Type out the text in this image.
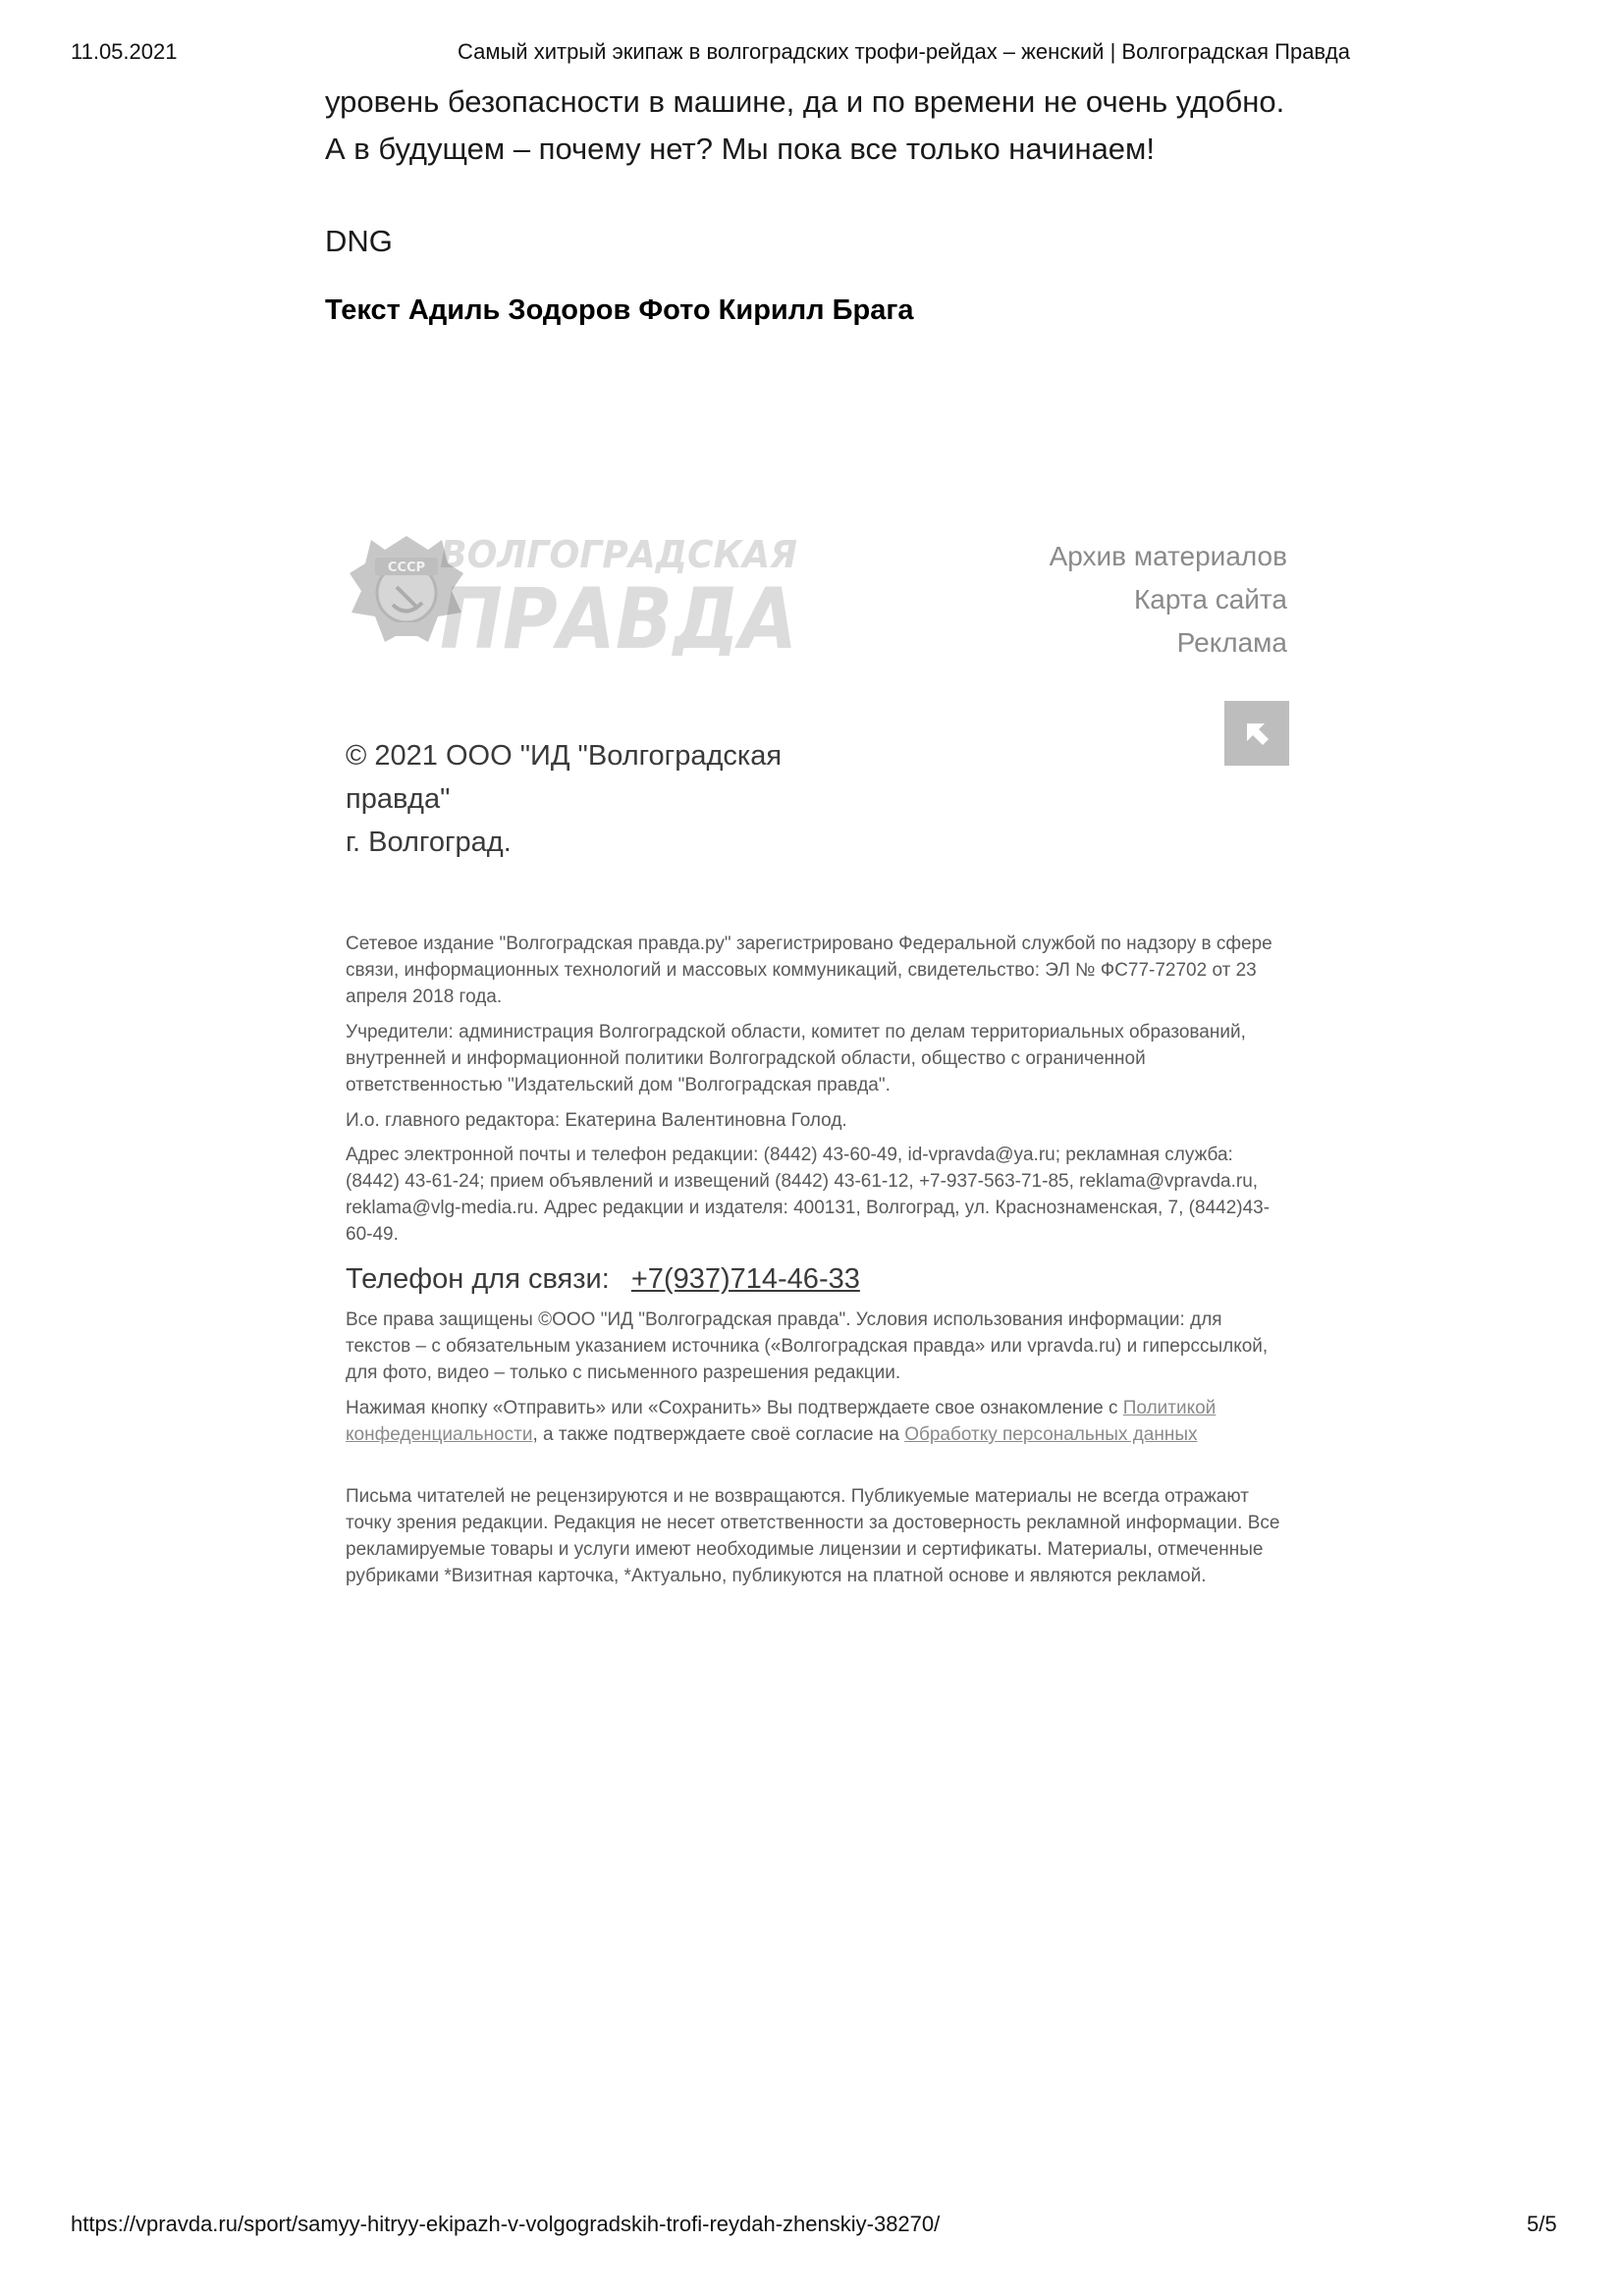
11.05.2021	Самый хитрый экипаж в волгоградских трофи-рейдах – женский | Волгоградская Правда
уровень безопасности в машине, да и по времени не очень удобно.
А в будущем – почему нет? Мы пока все только начинаем!
DNG
Текст Адиль Зодоров Фото Кирилл Брага
СССР ВОЛГОГРАДСКАЯ
ПРАВДА
Архив материалов
Карта сайта
Реклама
© 2021 ООО "ИД "Волгоградская правда"
г. Волгоград.
Сетевое издание "Волгоградская правда.ру" зарегистрировано Федеральной службой по надзору в сфере связи, информационных технологий и массовых коммуникаций, свидетельство: ЭЛ № ФС77-72702 от 23 апреля 2018 года.
Учредители: администрация Волгоградской области, комитет по делам территориальных образований, внутренней и информационной политики Волгоградской области, общество с ограниченной ответственностью "Издательский дом "Волгоградская правда".
И.о. главного редактора: Екатерина Валентиновна Голод.
Адрес электронной почты и телефон редакции: (8442) 43-60-49, id-vpravda@ya.ru; рекламная служба: (8442) 43-61-24; прием объявлений и извещений (8442) 43-61-12, +7-937-563-71-85, reklama@vpravda.ru, reklama@vlg-media.ru. Адрес редакции и издателя: 400131, Волгоград, ул. Краснознаменская, 7, (8442)43-60-49.
Телефон для связи: +7(937)714-46-33
Все права защищены ©ООО "ИД "Волгоградская правда". Условия использования информации: для текстов – с обязательным указанием источника («Волгоградская правда» или vpravda.ru) и гиперссылкой, для фото, видео – только с письменного разрешения редакции.
Нажимая кнопку «Отправить» или «Сохранить» Вы подтверждаете свое ознакомление с Политикой конфеденциальности, а также подтверждаете своё согласие на Обработку персональных данных
Письма читателей не рецензируются и не возвращаются. Публикуемые материалы не всегда отражают точку зрения редакции. Редакция не несет ответственности за достоверность рекламной информации. Все рекламируемые товары и услуги имеют необходимые лицензии и сертификаты. Материалы, отмеченные рубриками *Визитная карточка, *Актуально, публикуются на платной основе и являются рекламой.
https://vpravda.ru/sport/samyy-hitryy-ekipazh-v-volgogradskih-trofi-reydah-zhenskiy-38270/	5/5
